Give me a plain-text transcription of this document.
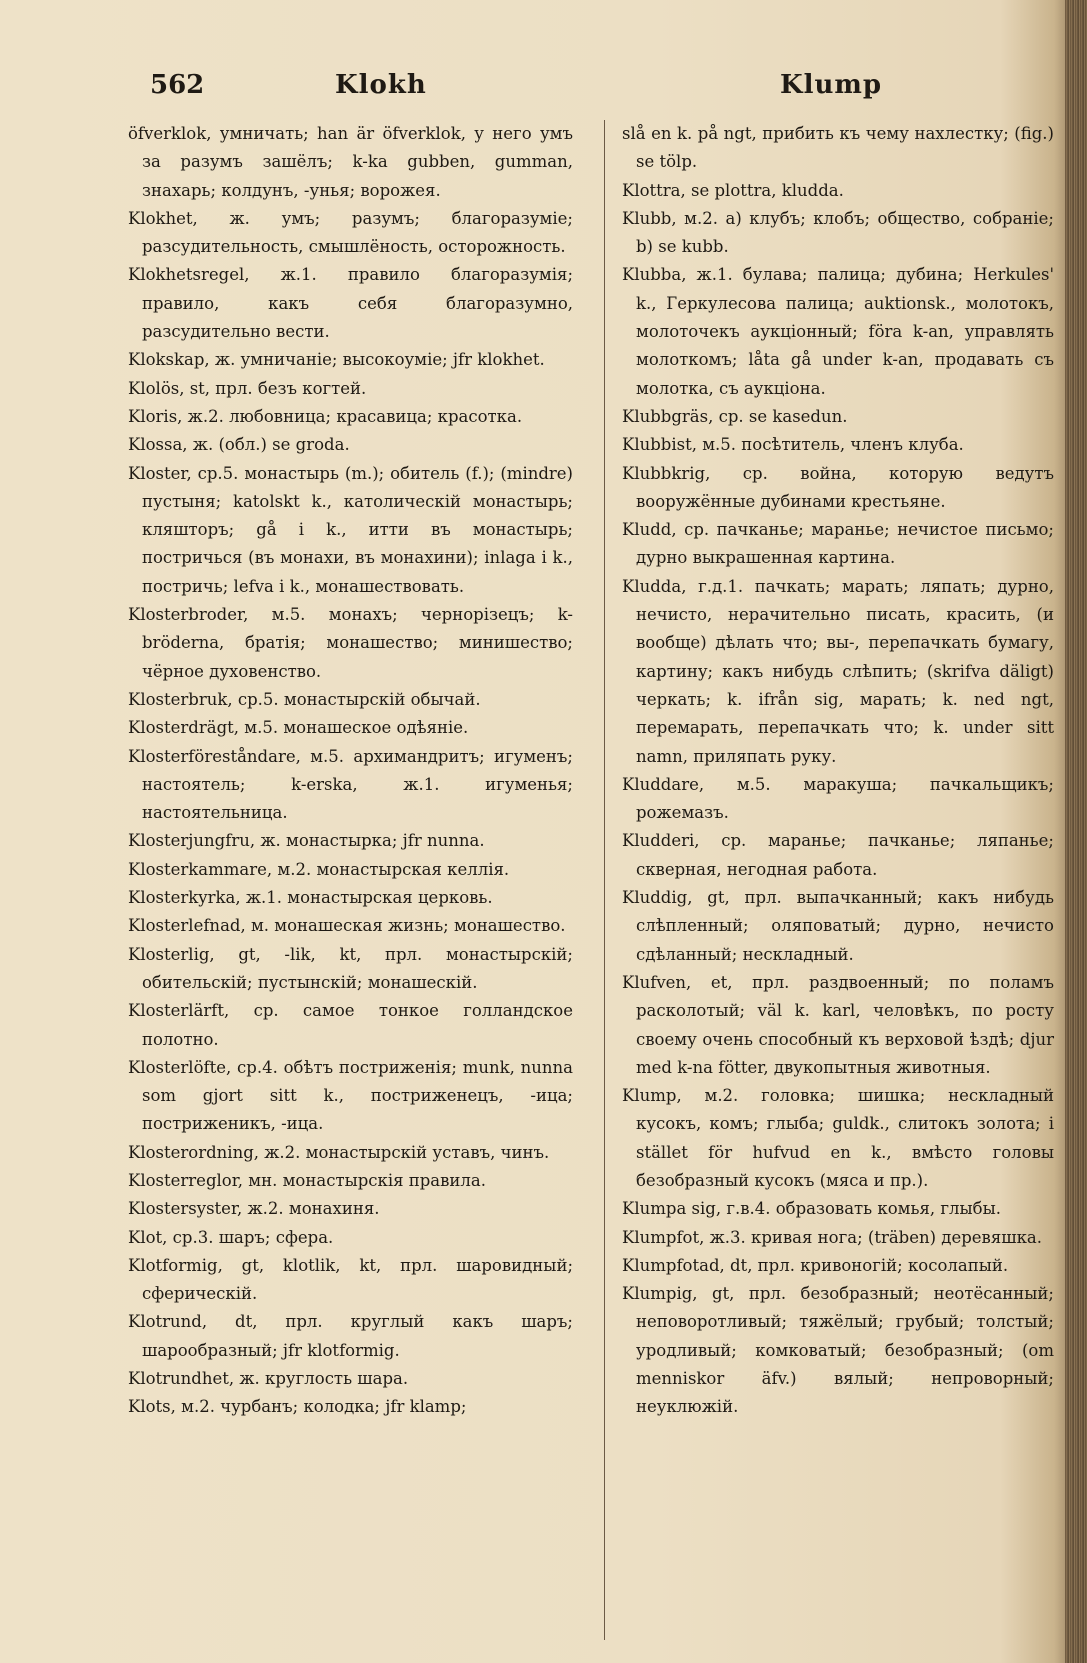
562	Klokh	Klump

öfverklok, умничать; han är öfverklok, у него умъ за разумъ зашёлъ; k-ka gubben, gumman, знахарь; колдунъ, -унья; ворожея.

Klokhet, ж. умъ; разумъ; благоразуміе; разсудительность, смышлёность, осторожность.

Klokhetsregel, ж.1. правило благоразумія; правило, какъ себя благоразумно, разсудительно вести.

Klokskap, ж. умничаніе; высокоуміе; jfr klokhet.

Klolös, st, прл. безъ когтей.

Kloris, ж.2. любовница; красавица; красотка.

Klossa, ж. (обл.) se groda.

Kloster, ср.5. монастырь (m.); обитель (f.); (mindre) пустыня; katolskt k., католическій монастырь; кляшторъ; gå i k., итти въ монастырь; постричься (въ монахи, въ монахини); inlaga i k., постричь; lefva i k., монашествовать.

Klosterbroder, м.5. монахъ; чернорізецъ; k-bröderna, братія; монашество; минишество; чёрное духовенство.

Klosterbruk, ср.5. монастырскій обычай.

Klosterdrägt, м.5. монашеское одѣяніе.

Klosterföreståndare, м.5. архимандритъ; игуменъ; настоятель; k-erska, ж.1. игуменья; настоятельница.

Klosterjungfru, ж. монастырка; jfr nunna.

Klosterkammare, м.2. монастырская келлія.

Klosterkyrka, ж.1. монастырская церковь.

Klosterlefnad, м. монашеская жизнь; монашество.

Klosterlig, gt, -lik, kt, прл. монастырскій; обительскій; пустынскій; монашескій.

Klosterlärft, ср. самое тонкое голландское полотно.

Klosterlöfte, ср.4. обѣтъ постриженія; munk, nunna som gjort sitt k., постриженецъ, -ица; постриженикъ, -ица.

Klosterordning, ж.2. монастырскій уставъ, чинъ.

Klosterreglor, мн. монастырскія правила.

Klostersyster, ж.2. монахиня.

Klot, ср.3. шаръ; сфера.

Klotformig, gt, klotlik, kt, прл. шаровидный; сферическій.

Klotrund, dt, прл. круглый какъ шаръ; шарообразный; jfr klotformig.

Klotrundhet, ж. круглость шара.

Klots, м.2. чурбанъ; колодка; jfr klamp;

slå en k. på ngt, прибить къ чему нахлестку; (fig.) se tölp.

Klottra, se plottra, kludda.

Klubb, м.2. a) клубъ; клобъ; общество, собраніе; b) se kubb.

Klubba, ж.1. булава; палица; дубина; Herkules' k., Геркулесова палица; auktionsk., молотокъ, молоточекъ аукціонный; föra k-an, управлять молоткомъ; låta gå under k-an, продавать съ молотка, съ аукціона.

Klubbgräs, ср. se kasedun.

Klubbist, м.5. посѣтитель, членъ клуба.

Klubbkrig, ср. война, которую ведутъ вооружённые дубинами крестьяне.

Kludd, ср. пачканье; маранье; нечистое письмо; дурно выкрашенная картина.

Kludda, г.д.1. пачкать; марать; ляпать; дурно, нечисто, нерачительно писать, красить, (и вообще) дѣлать что; вы-, перепачкать бумагу, картину; какъ нибудь слѣпить; (skrifva däligt) черкать; k. ifrån sig, марать; k. ned ngt, перемарать, перепачкать что; k. under sitt namn, приляпать руку.

Kluddare, м.5. маракуша; пачкальщикъ; рожемазъ.

Kludderi, ср. маранье; пачканье; ляпанье; скверная, негодная работа.

Kluddig, gt, прл. выпачканный; какъ нибудь слѣпленный; оляповатый; дурно, нечисто сдѣланный; нескладный.

Klufven, et, прл. раздвоенный; по поламъ расколотый; väl k. karl, человѣкъ, по росту своему очень способный къ верховой ѣздѣ; djur med k-na fötter, двукопытныя животныя.

Klump, м.2. головка; шишка; нескладный кусокъ, комъ; глыба; guldk., слитокъ золота; i stället för hufvud en k., вмѣсто головы безобразный кусокъ (мяса и пр.).

Klumpa sig, г.в.4. образовать комья, глыбы.

Klumpfot, ж.3. кривая нога; (träben) деревяшка.

Klumpfotad, dt, прл. кривоногій; косолапый.

Klumpig, gt, прл. безобразный; неотёсанный; неповоротливый; тяжёлый; грубый; толстый; уродливый; комковатый; безобразный; (om menniskor äfv.) вялый; непроворный; неуклюжій.
